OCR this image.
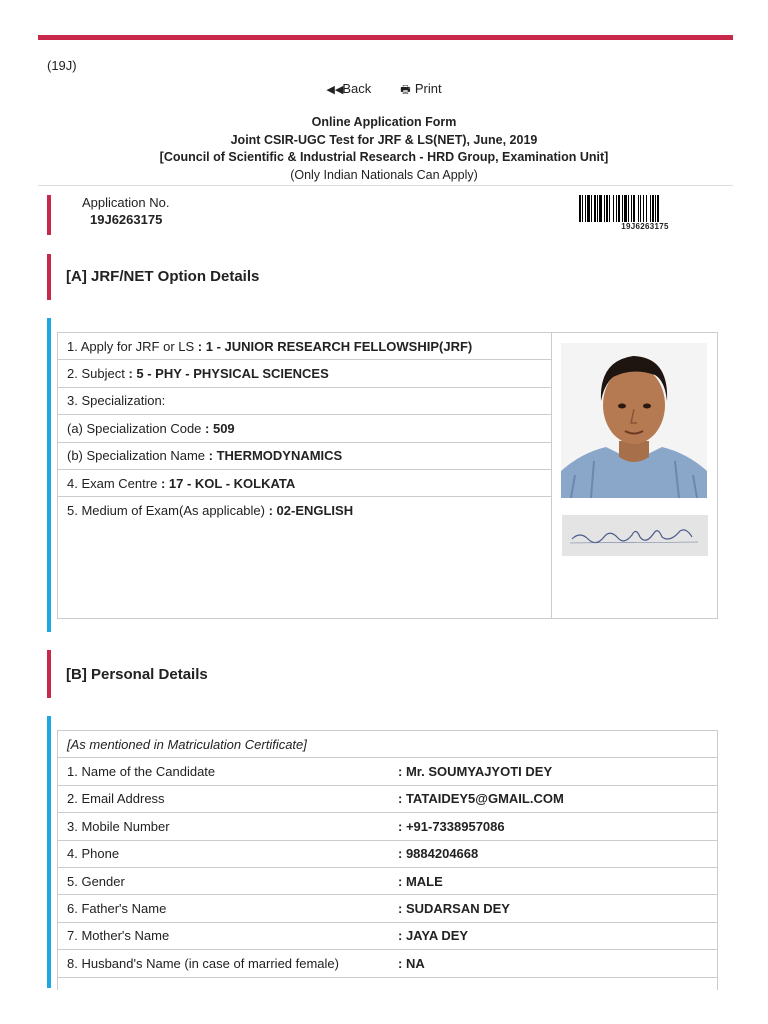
(19J)
◀◀Back	🖶 Print
Online Application Form
Joint CSIR-UGC Test for JRF & LS(NET), June, 2019
[Council of Scientific & Industrial Research - HRD Group, Examination Unit]
(Only Indian Nationals Can Apply)
Application No.
19J6263175	19J6263175
[A] JRF/NET Option Details
1. Apply for JRF or LS : 1 - JUNIOR RESEARCH FELLOWSHIP(JRF)
2. Subject : 5 - PHY - PHYSICAL SCIENCES
3. Specialization:
(a) Specialization Code : 509
(b) Specialization Name : THERMODYNAMICS
4. Exam Centre : 17 - KOL - KOLKATA
5. Medium of Exam(As applicable) : 02-ENGLISH
[B] Personal Details
[As mentioned in Matriculation Certificate]
1. Name of the Candidate	: Mr. SOUMYAJYOTI DEY
2. Email Address	: TATAIDEY5@GMAIL.COM
3. Mobile Number	: +91-7338957086
4. Phone	: 9884204668
5. Gender	: MALE
6. Father's Name	: SUDARSAN DEY
7. Mother's Name	: JAYA DEY
8. Husband's Name (in case of married female)	: NA
